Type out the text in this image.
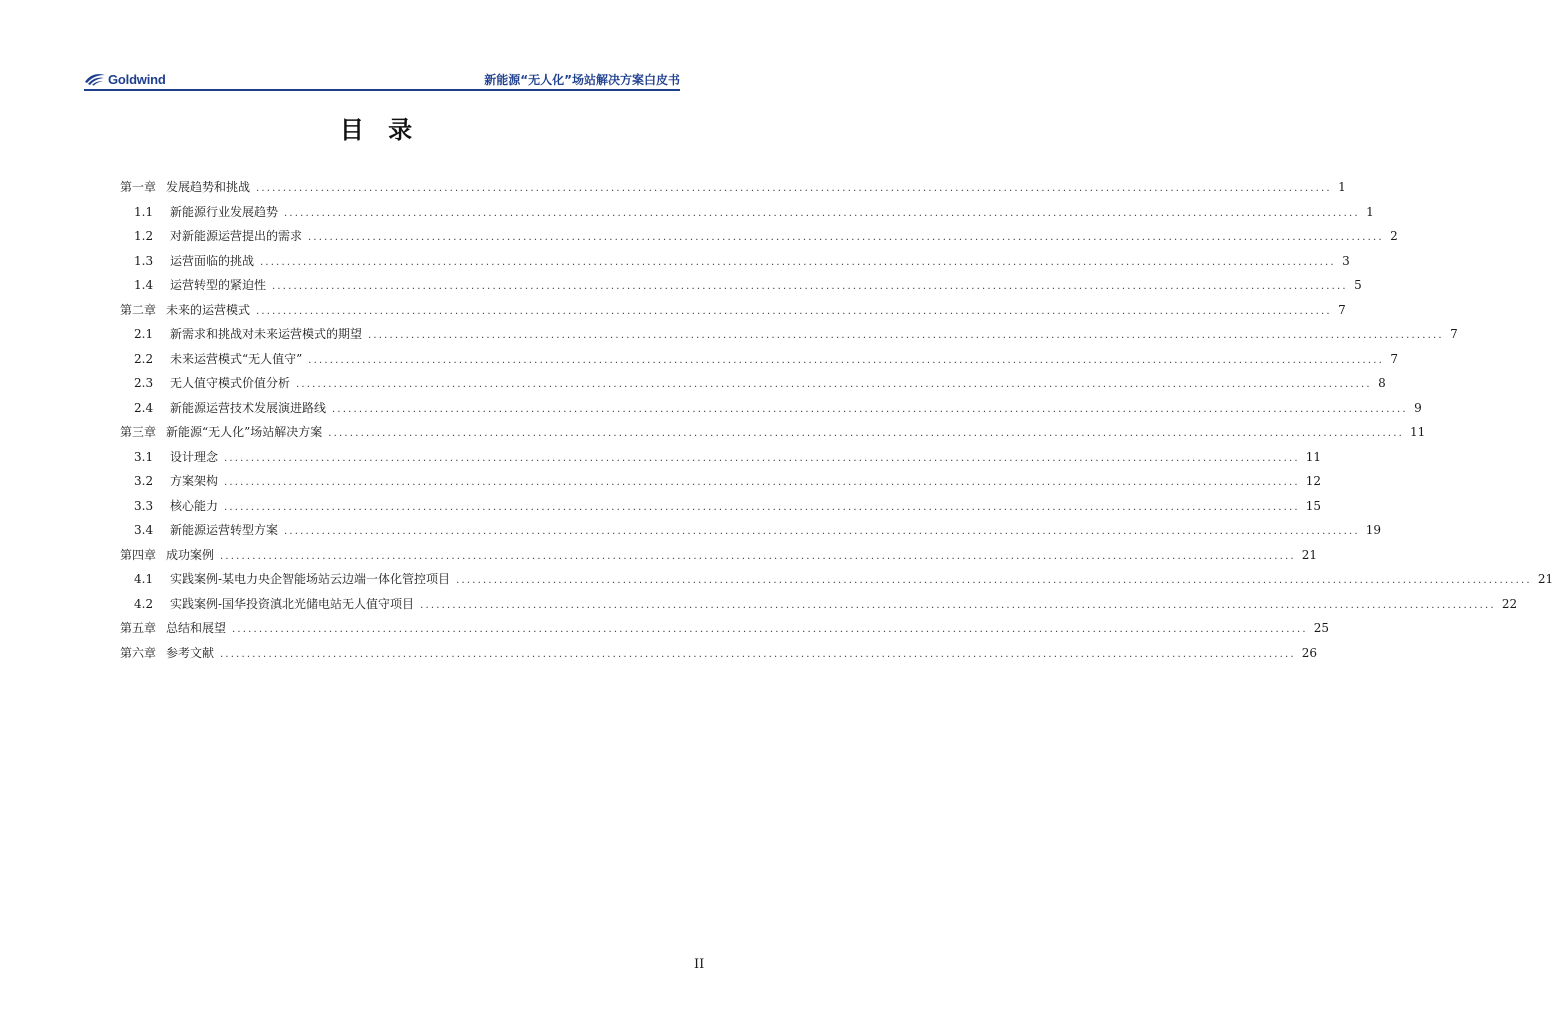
Goldwind	新能源“无人化”场站解决方案白皮书
目 录
第一章 发展趋势和挑战 ........................................................................................................................................................................................................ 1
1.1	新能源行业发展趋势 ........................................................................................................................................................................................................ 1
1.2	对新能源运营提出的需求 ........................................................................................................................................................................................................ 2
1.3	运营面临的挑战 ........................................................................................................................................................................................................ 3
1.4	运营转型的紧迫性 ........................................................................................................................................................................................................ 5
第二章 未来的运营模式 ........................................................................................................................................................................................................ 7
2.1	新需求和挑战对未来运营模式的期望 ........................................................................................................................................................................................................ 7
2.2	未来运营模式“无人值守” ........................................................................................................................................................................................................ 7
2.3	无人值守模式价值分析 ........................................................................................................................................................................................................ 8
2.4	新能源运营技术发展演进路线 ........................................................................................................................................................................................................ 9
第三章 新能源“无人化”场站解决方案 ........................................................................................................................................................................................................ 11
3.1	设计理念 ........................................................................................................................................................................................................ 11
3.2	方案架构 ........................................................................................................................................................................................................ 12
3.3	核心能力 ........................................................................................................................................................................................................ 15
3.4	新能源运营转型方案 ........................................................................................................................................................................................................ 19
第四章 成功案例 ........................................................................................................................................................................................................ 21
4.1	实践案例-某电力央企智能场站云边端一体化管控项目 ........................................................................................................................................................................................................ 21
4.2	实践案例-国华投资滇北光储电站无人值守项目 ........................................................................................................................................................................................................ 22
第五章 总结和展望 ........................................................................................................................................................................................................ 25
第六章 参考文献 ........................................................................................................................................................................................................ 26
II
